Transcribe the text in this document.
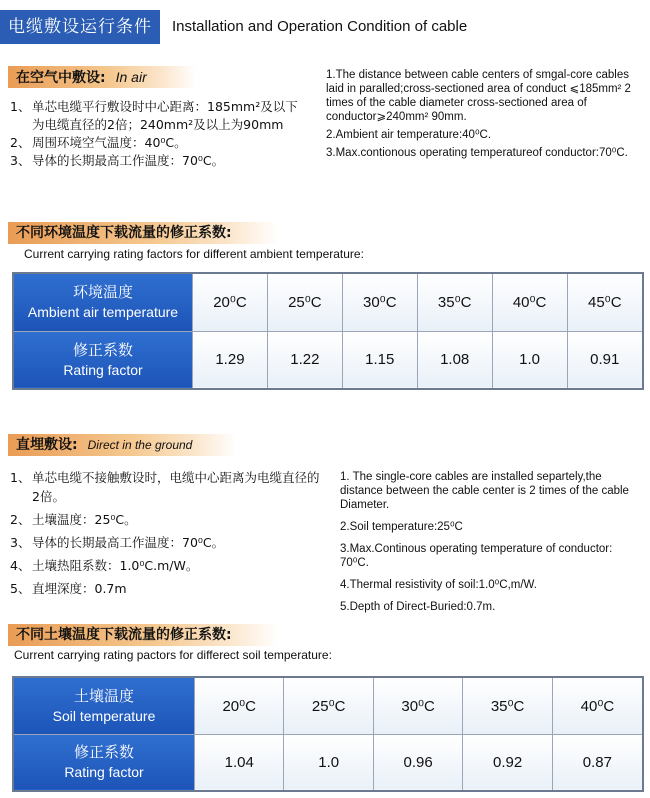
电缆敷设运行条件	Installation and Operation Condition of cable
在空气中敷设: In air
1、 单芯电缆平行敷设时中心距离：185mm²及以下为电缆直径的2倍；240mm²及以上为90mm
2、 周围环境空气温度：40⁰C。
3、 导体的长期最高工作温度：70⁰C。
1.The distance between cable centers of smgal-core cables laid in paralled;cross-sectioned area of conduct ⩽185mm² 2 times of the cable diameter cross-sectioned area of conductor⩾240mm² 90mm.
2.Ambient air temperature:40⁰C.
3.Max.contionous operating temperatureof conductor:70⁰C.
不同环境温度下载流量的修正系数:
Current carrying rating factors for different ambient temperature:
环境温度
Ambient air temperature	20⁰C	25⁰C	30⁰C	35⁰C	40⁰C	45⁰C

修正系数
Rating factor	1.29	1.22	1.15	1.08	1.0	0.91
直埋敷设: Direct in the ground
1、 单芯电缆不接触敷设时，电缆中心距离为电缆直径的2倍。
2、 土壤温度：25⁰C。
3、 导体的长期最高工作温度：70⁰C。
4、 土壤热阻系数：1.0⁰C.m/W。
5、 直埋深度：0.7m
1. The single-core cables are installed separtely,the distance between the cable center is 2 times of the cable Diameter.
2.Soil temperature:25⁰C
3.Max.Continous operating temperature of conductor: 70⁰C.
4.Thermal resistivity of soil:1.0⁰C,m/W.
5.Depth of Direct-Buried:0.7m.
不同土壤温度下载流量的修正系数:
Current carrying rating pactors for differect soil temperature:
土壤温度
Soil temperature	20⁰C	25⁰C	30⁰C	35⁰C	40⁰C

修正系数
Rating factor	1.04	1.0	0.96	0.92	0.87
